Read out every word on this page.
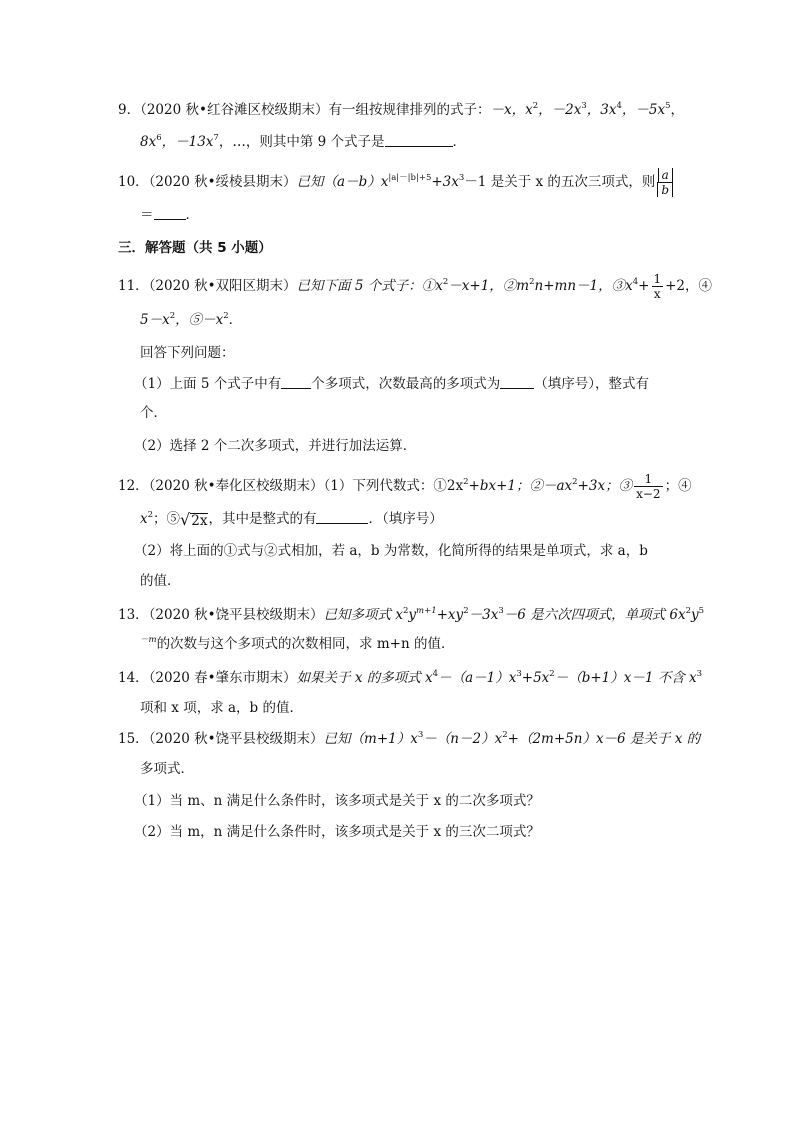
9．（2020 秋•红谷滩区校级期末）有一组按规律排列的式子：－x，$x^2$，$-2x^3$，$3x^4$，$-5x^5$，
$8x^6$，$-13x^7$，…，则其中第 9 个式子是	．
10．（2020 秋•绥棱县期末）已知$(a-b)x^{|a|-|b|+5}+3x^3-1$ 是关于 x 的五次三项式，则 $\frac{a}{b}$
＝ ．
三．解答题（共 5 小题）
11．（2020 秋•双阳区期末）已知下面 5 个式子：$①x^2-x+1$，$②m^2n+mn-1$，$③x^4+ \frac{1}{x} +2$，④
$5-x^2$，$⑤-x^2$．
回答下列问题：
（1）上面 5 个式子中有 个多项式，次数最高的多项式为	（填序号），整式有
个．
（2）选择 2 个二次多项式，并进行加法运算．
12．（2020 秋•奉化区校级期末）（1）下列代数式：$①2x^2+bx+1$；$②-ax^2+3x$；③ $\frac{1}{x-2}$ ；④
$x^2$；⑤ √ 2x ，其中是整式的有	．（填序号）
（2）将上面的①式与②式相加，若 a，b 为常数，化简所得的结果是单项式，求 a，b
的值．
13．（2020 秋•饶平县校级期末）已知多项式 $x^2y^{m+1}+xy^2-3x^3-6$ 是六次四项式，单项式 $6x^2y^5$
$^{-m}$的次数与这个多项式的次数相同，求 m+n 的值．
14．（2020 春•肇东市期末）如果关于 x 的多项式 $x^4-(a-1)x^3+5x^2-(b+1)x-1$ 不含 $x^3$
项和 x 项，求 a，b 的值．
15．（2020 秋•饶平县校级期末）已知$(m+1)x^3-(n-2)x^2+(2m+5n)x-6$ 是关于 x 的
多项式．
（1）当 m、n 满足什么条件时，该多项式是关于 x 的二次多项式？
（2）当 m，n 满足什么条件时，该多项式是关于 x 的三次二项式？
